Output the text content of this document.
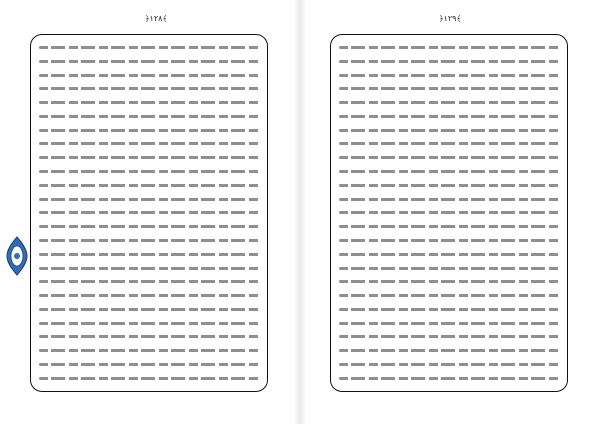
﴿١٢٨﴾	﴿١٢٩﴾
